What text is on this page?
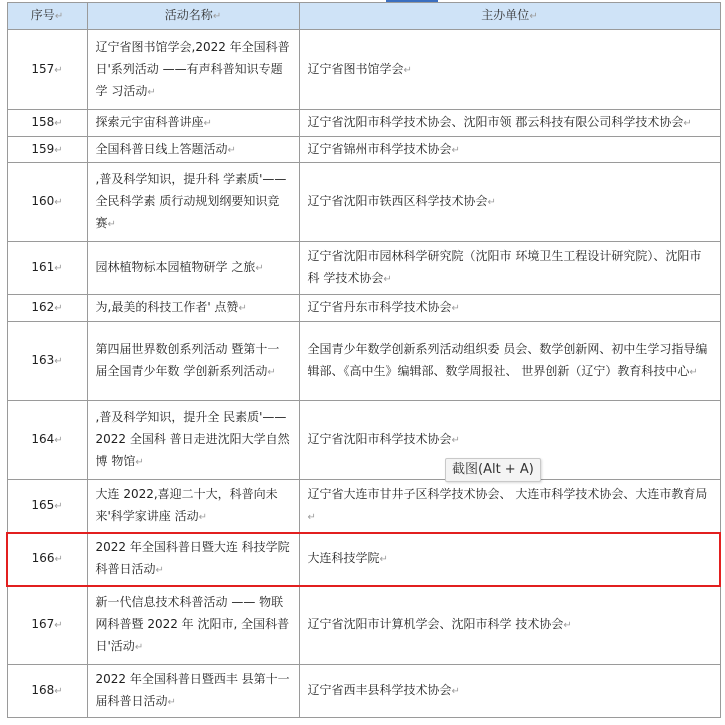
序号↵	活动名称↵	主办单位↵
157↵	辽宁省图书馆学会,2022 年全国科普日'系列活动 ——有声科普知识专题学 习活动↵	辽宁省图书馆学会↵
158↵	探索元宇宙科普讲座↵	辽宁省沈阳市科学技术协会、沈阳市领 郡云科技有限公司科学技术协会↵
159↵	全国科普日线上答题活动↵	辽宁省锦州市科学技术协会↵
160↵	,普及科学知识，提升科 学素质'——全民科学素 质行动规划纲要知识竞赛↵	辽宁省沈阳市铁西区科学技术协会↵
161↵	园林植物标本园植物研学 之旅↵	辽宁省沈阳市园林科学研究院（沈阳市 环境卫生工程设计研究院）、沈阳市科 学技术协会↵
162↵	为,最美的科技工作者' 点赞↵	辽宁省丹东市科学技术协会↵
163↵	第四届世界数创系列活动 暨第十一届全国青少年数 学创新系列活动↵	全国青少年数学创新系列活动组织委 员会、数学创新网、初中生学习指导编 辑部、《高中生》编辑部、数学周报社、 世界创新（辽宁）教育科技中心↵
164↵	,普及科学知识，提升全 民素质'——2022 全国科 普日走进沈阳大学自然博 物馆↵	辽宁省沈阳市科学技术协会↵
165↵	大连 2022,喜迎二十大，科普向未来'科学家讲座 活动↵	辽宁省大连市甘井子区科学技术协会、 大连市科学技术协会、大连市教育局↵
166↵	2022 年全国科普日暨大连 科技学院科普日活动↵	大连科技学院↵
167↵	新一代信息技术科普活动 —— 物联网科普暨 2022 年 沈阳市, 全国科普日'活动↵	辽宁省沈阳市计算机学会、沈阳市科学 技术协会↵
168↵	2022 年全国科普日暨西丰 县第十一届科普日活动↵	辽宁省西丰县科学技术协会↵
截图(Alt + A)
